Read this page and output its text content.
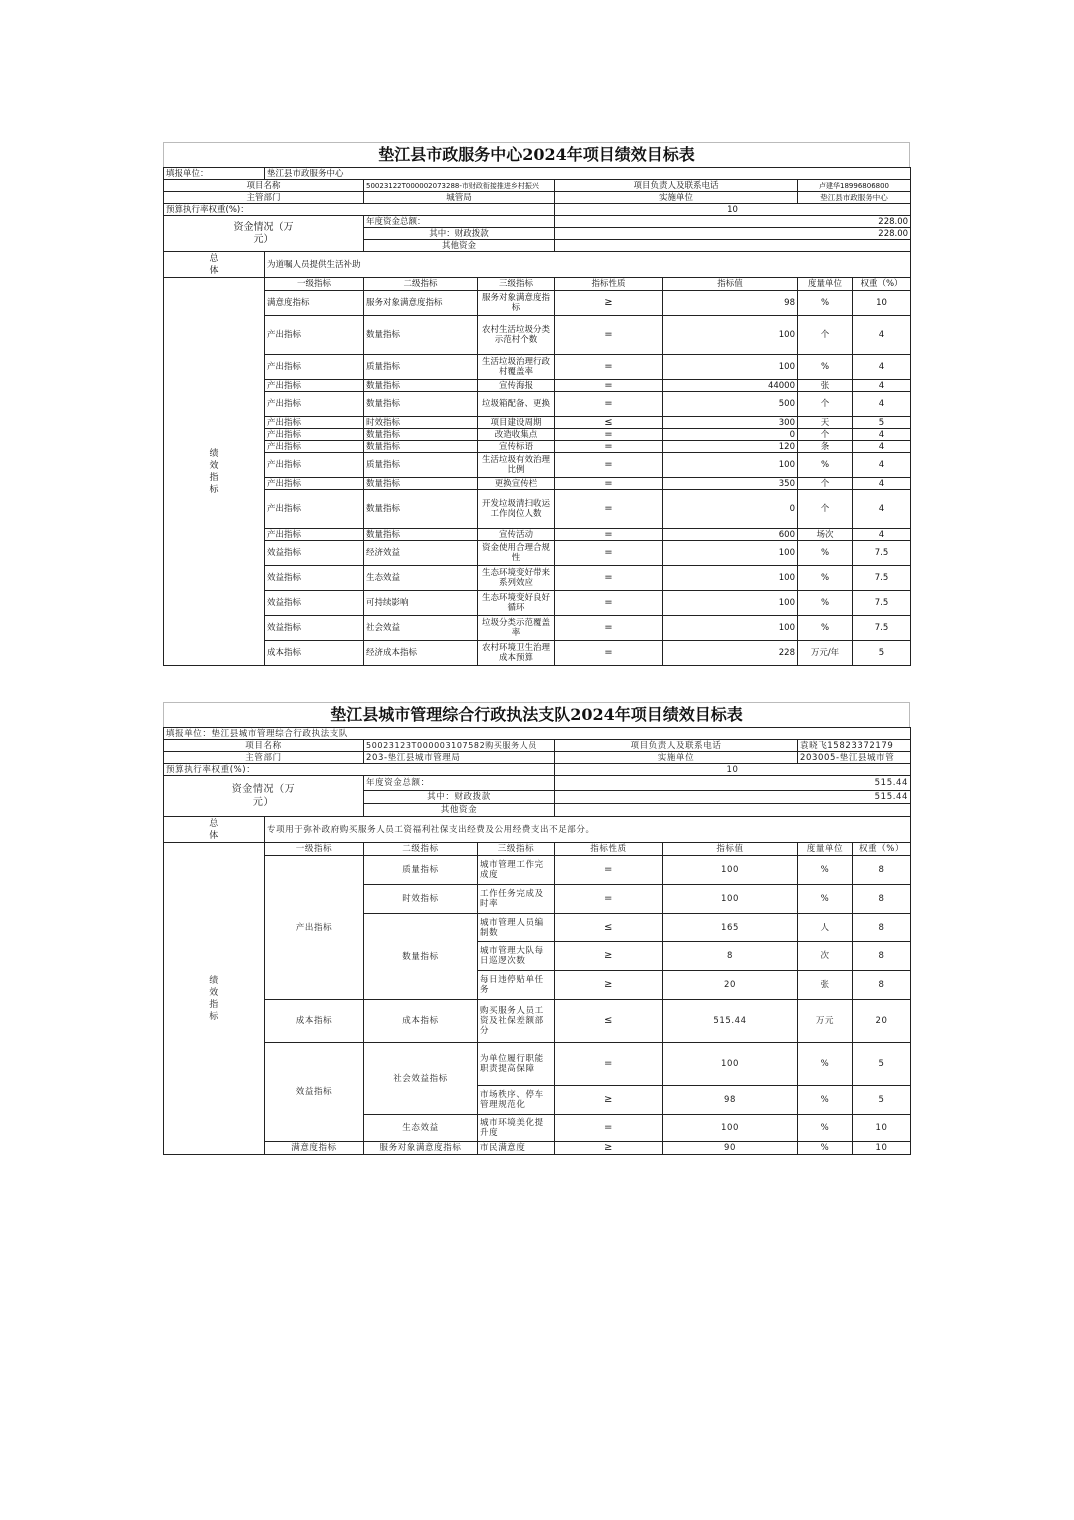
垫江县市政服务中心2024年项目绩效目标表
填报单位：	垫江县市政服务中心						
项目名称		50023122T000002073288-市财政衔接推进乡村振兴		项目负责人及联系电话		卢建华18996806800	
主管部门		城管局		实施单位		垫江县市政服务中心	
预算执行率权重(%)：				10			
资金情况（万元）		年度资金总额：		228.00			
		其中：财政拨款		228.00			
		其他资金					
总体	为道嘱人员提供生活补助						
绩效指标	一级指标	二级指标	三级指标	指标性质	指标值	度量单位	权重（%）
	满意度指标	服务对象满意度指标	服务对象满意度指标	≥	98	%	10
	产出指标	数量指标	农村生活垃圾分类示范村个数	=	100	个	4
	产出指标	质量指标	生活垃圾治理行政村覆盖率	=	100	%	4
	产出指标	数量指标	宣传海报	=	44000	张	4
	产出指标	数量指标	垃圾箱配备、更换	=	500	个	4
	产出指标	时效指标	项目建设周期	≤	300	天	5
	产出指标	数量指标	改造收集点	=	0	个	4
	产出指标	数量指标	宣传标语	=	120	条	4
	产出指标	质量指标	生活垃圾有效治理比例	=	100	%	4
	产出指标	数量指标	更换宣传栏	=	350	个	4
	产出指标	数量指标	开发垃圾清扫收运工作岗位人数	=	0	个	4
	产出指标	数量指标	宣传活动	=	600	场次	4
	效益指标	经济效益	资金使用合理合规性	=	100	%	7.5
	效益指标	生态效益	生态环境变好带来系列效应	=	100	%	7.5
	效益指标	可持续影响	生态环境变好良好循环	=	100	%	7.5
	效益指标	社会效益	垃圾分类示范覆盖率	=	100	%	7.5
	成本指标	经济成本指标	农村环境卫生治理成本预算	=	228	万元/年	5
垫江县城市管理综合行政执法支队2024年项目绩效目标表
填报单位：垫江县城市管理综合行政执法支队							
项目名称		50023123T000003107582购买服务人员		项目负责人及联系电话		袁晓飞15823372179	
主管部门		203-垫江县城市管理局		实施单位		203005-垫江县城市管	
预算执行率权重(%)：				10			
资金情况（万元）		年度资金总额：		515.44			
		其中：财政拨款		515.44			
		其他资金					
总体	专项用于弥补政府购买服务人员工资福利社保支出经费及公用经费支出不足部分。						
绩效指标	一级指标	二级指标	三级指标	指标性质	指标值	度量单位	权重（%）
	产出指标	质量指标	城市管理工作完成度	=	100	%	8
		时效指标	工作任务完成及时率	=	100	%	8
		数量指标	城市管理人员编制数	≤	165	人	8
			城市管理大队每日巡逻次数	≥	8	次	8
			每日违停贴单任务	≥	20	张	8
	成本指标	成本指标	购买服务人员工资及社保差额部分	≤	515.44	万元	20
	效益指标	社会效益指标	为单位履行职能职责提高保障	=	100	%	5
			市场秩序、停车管理规范化	≥	98	%	5
		生态效益	城市环境美化提升度	=	100	%	10
	满意度指标	服务对象满意度指标	市民满意度	≥	90	%	10
